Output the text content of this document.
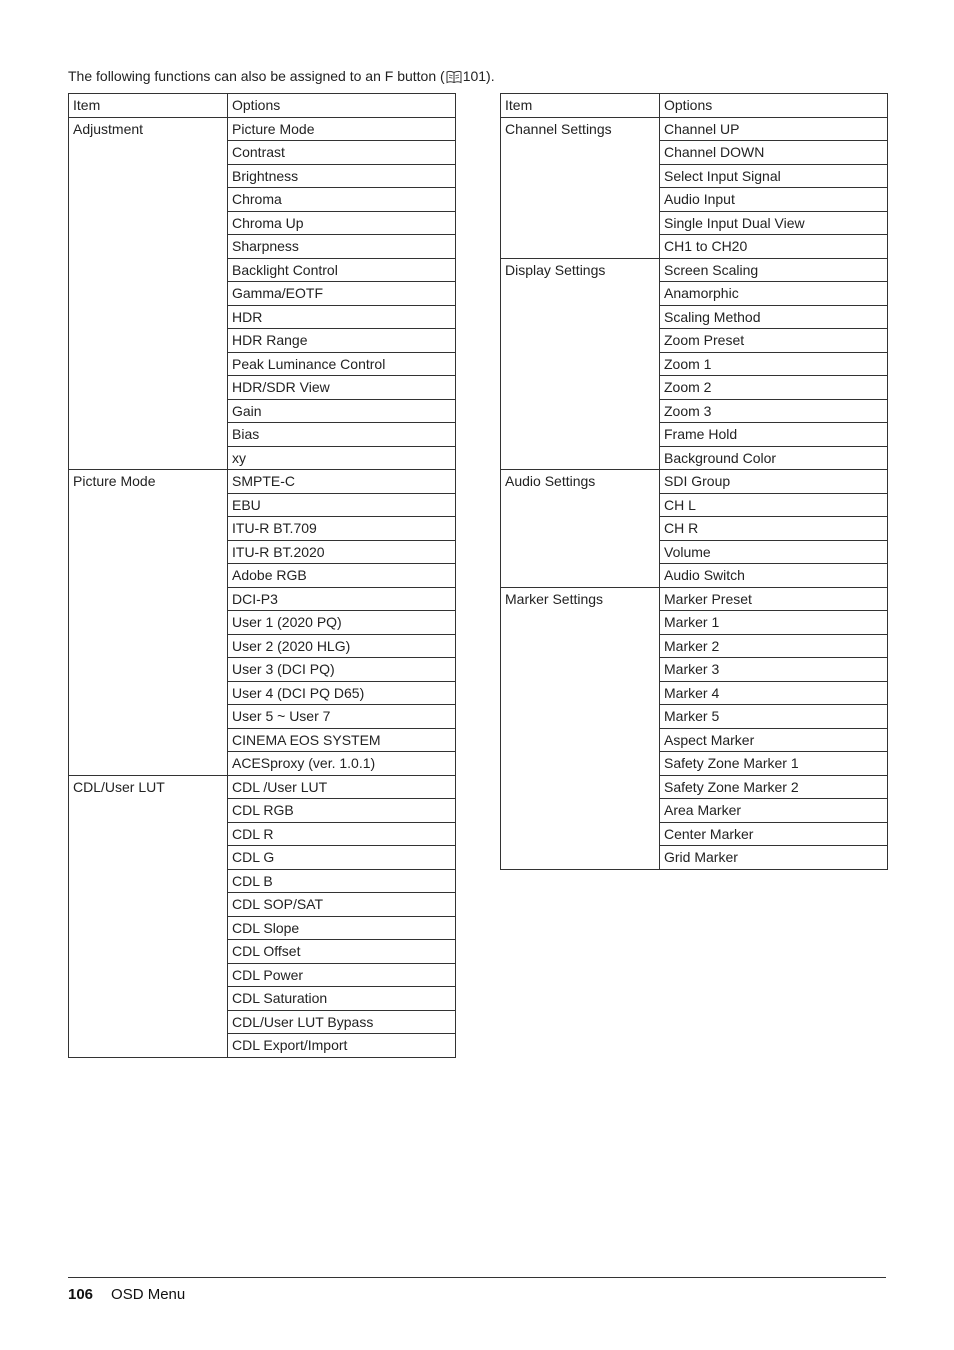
The following functions can also be assigned to an F button ( 101).
Item	Options
Adjustment	Picture Mode
	Contrast
	Brightness
	Chroma
	Chroma Up
	Sharpness
	Backlight Control
	Gamma/EOTF
	HDR
	HDR Range
	Peak Luminance Control
	HDR/SDR View
	Gain
	Bias
	xy
Picture Mode	SMPTE-C
	EBU
	ITU-R BT.709
	ITU-R BT.2020
	Adobe RGB
	DCI-P3
	User 1 (2020 PQ)
	User 2 (2020 HLG)
	User 3 (DCI PQ)
	User 4 (DCI PQ D65)
	User 5 ~ User 7
	CINEMA EOS SYSTEM
	ACESproxy (ver. 1.0.1)
CDL/User LUT	CDL /User LUT
	CDL RGB
	CDL R
	CDL G
	CDL B
	CDL SOP/SAT
	CDL Slope
	CDL Offset
	CDL Power
	CDL Saturation
	CDL/User LUT Bypass
	CDL Export/Import
Item	Options
Channel Settings	Channel UP
	Channel DOWN
	Select Input Signal
	Audio Input
	Single Input Dual View
	CH1 to CH20
Display Settings	Screen Scaling
	Anamorphic
	Scaling Method
	Zoom Preset
	Zoom 1
	Zoom 2
	Zoom 3
	Frame Hold
	Background Color
Audio Settings	SDI Group
	CH L
	CH R
	Volume
	Audio Switch
Marker Settings	Marker Preset
	Marker 1
	Marker 2
	Marker 3
	Marker 4
	Marker 5
	Aspect Marker
	Safety Zone Marker 1
	Safety Zone Marker 2
	Area Marker
	Center Marker
	Grid Marker
106 OSD Menu
